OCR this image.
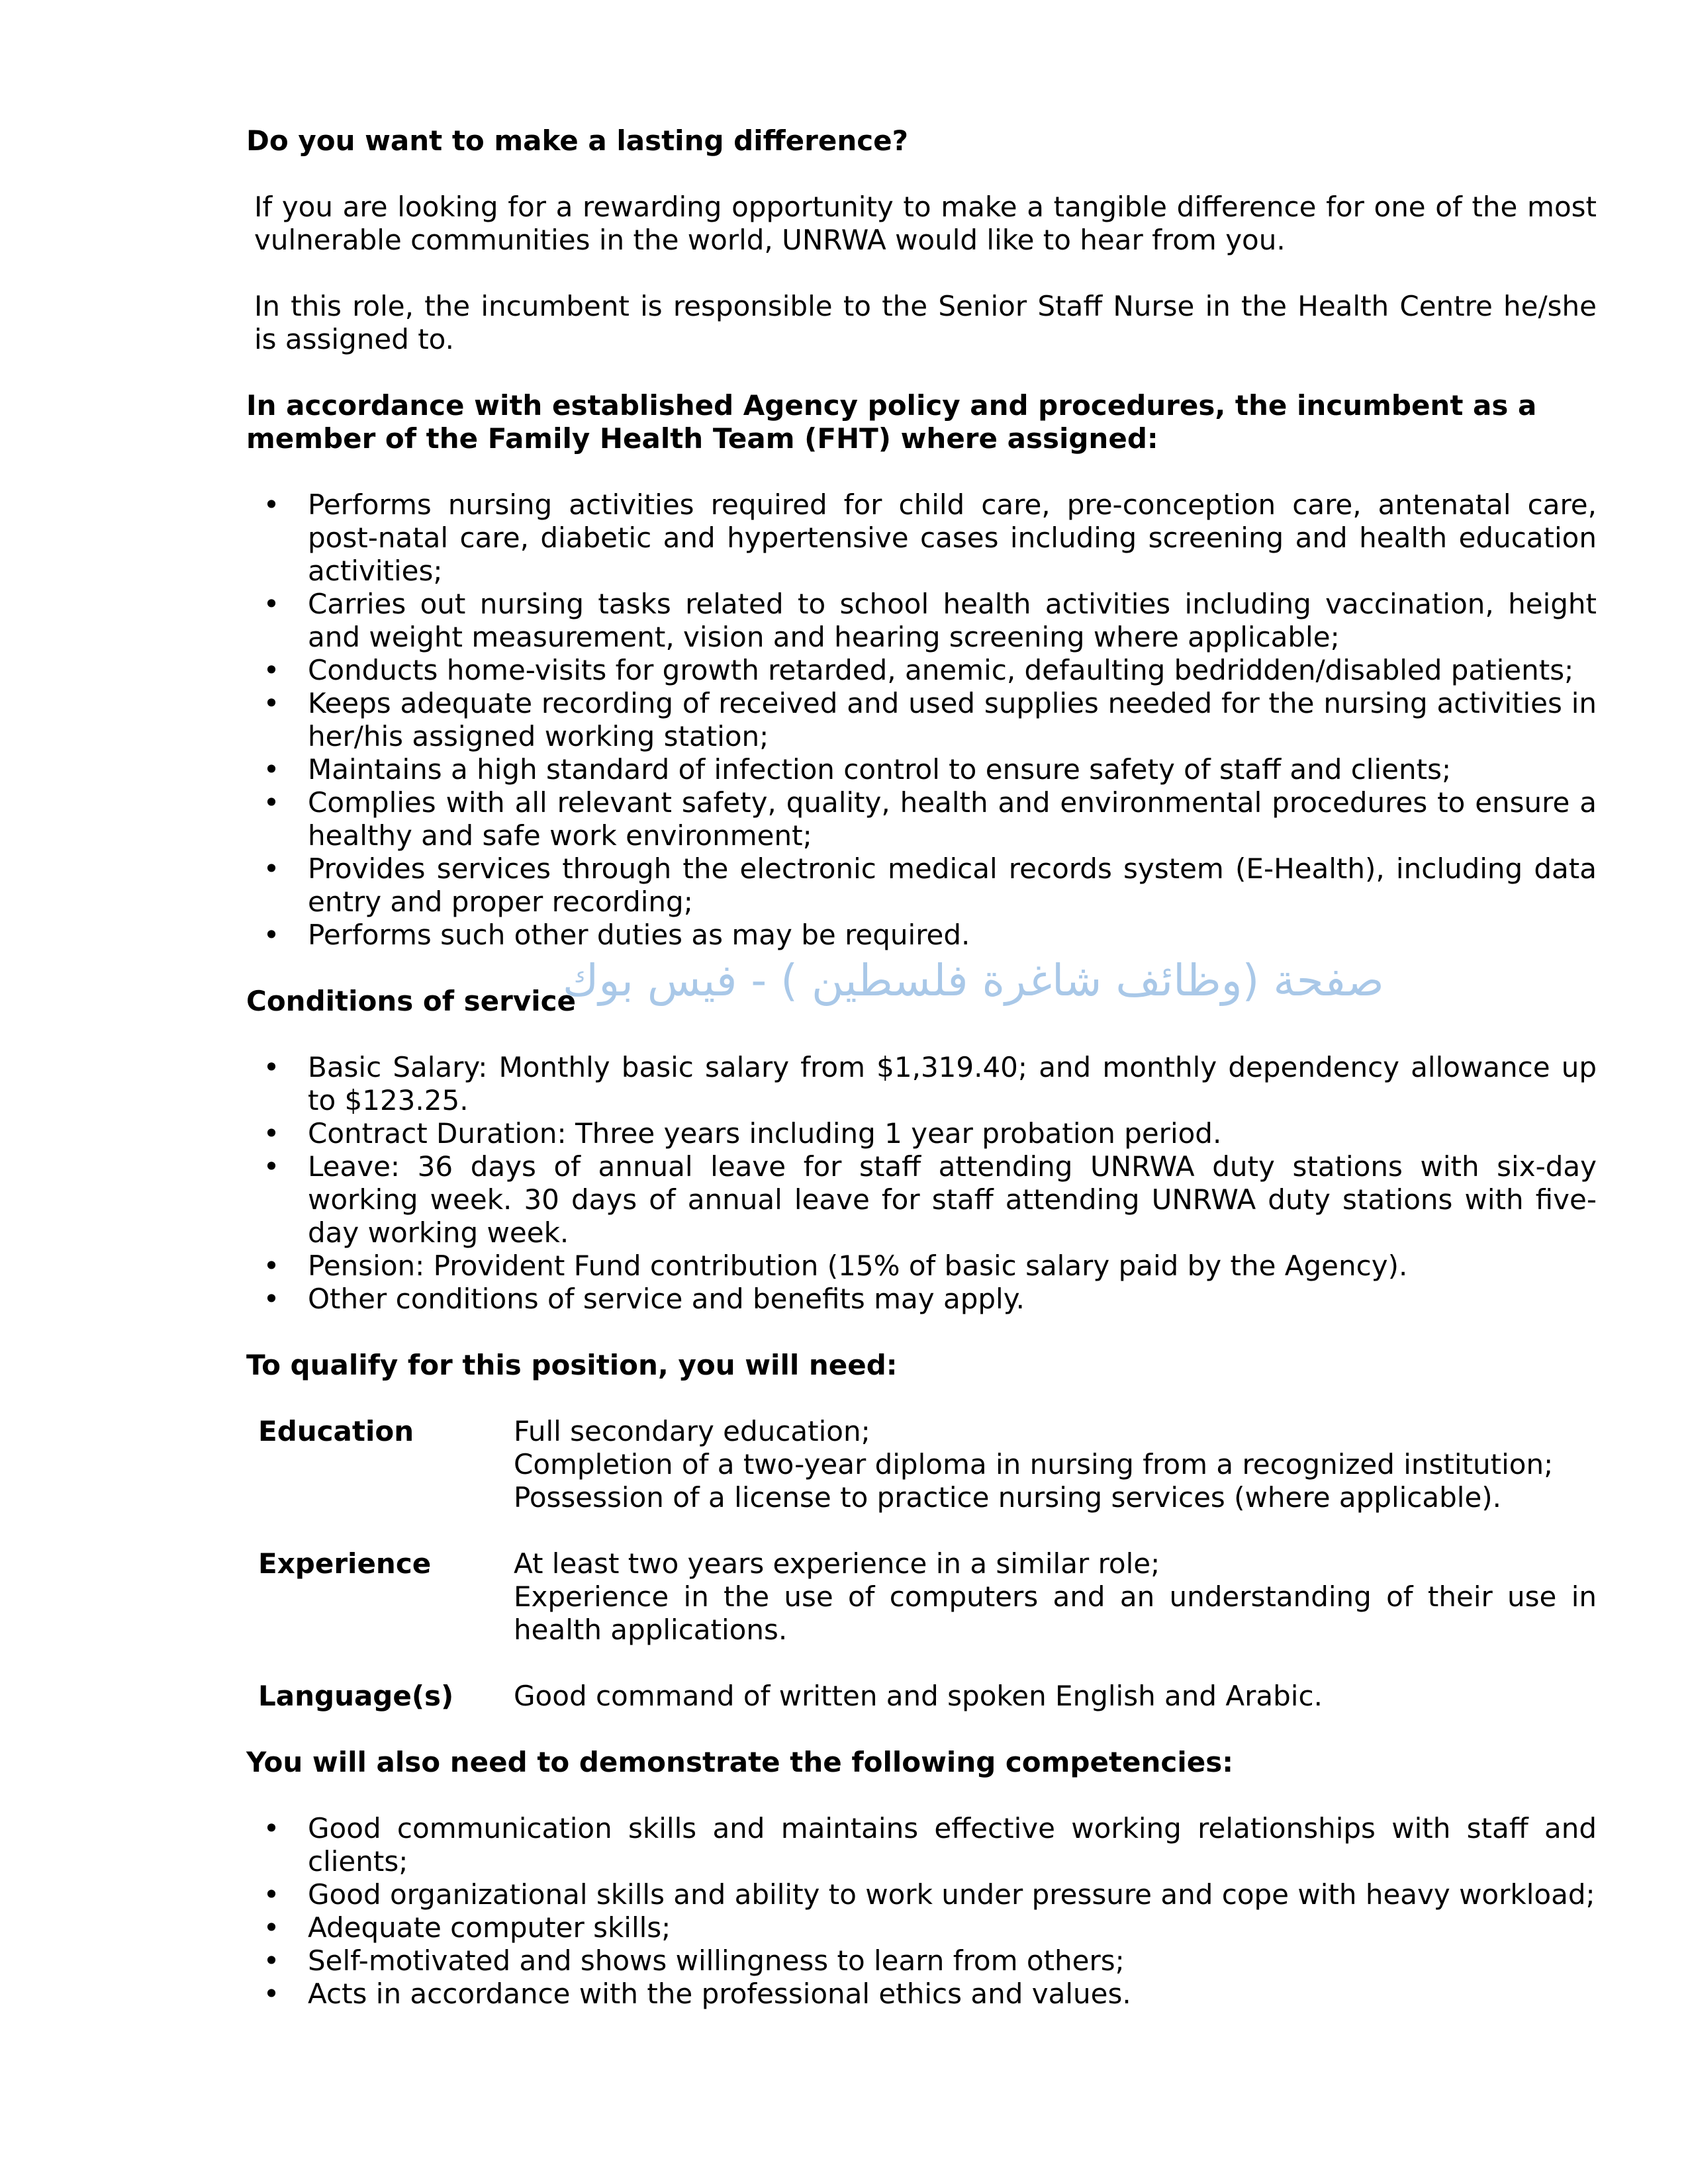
Do you want to make a lasting difference?
If you are looking for a rewarding opportunity to make a tangible difference for one of the most vulnerable communities in the world, UNRWA would like to hear from you.
In this role, the incumbent is responsible to the Senior Staff Nurse in the Health Centre he/she is assigned to.
In accordance with established Agency policy and procedures, the incumbent as a member of the Family Health Team (FHT) where assigned:
• Performs nursing activities required for child care, pre-conception care, antenatal care, post-natal care, diabetic and hypertensive cases including screening and health education activities;
• Carries out nursing tasks related to school health activities including vaccination, height and weight measurement, vision and hearing screening where applicable;
• Conducts home-visits for growth retarded, anemic, defaulting bedridden/disabled patients;
• Keeps adequate recording of received and used supplies needed for the nursing activities in her/his assigned working station;
• Maintains a high standard of infection control to ensure safety of staff and clients;
• Complies with all relevant safety, quality, health and environmental procedures to ensure a healthy and safe work environment;
• Provides services through the electronic medical records system (E-Health), including data entry and proper recording;
• Performs such other duties as may be required.
Conditions of service
صفحة (وظائف شاغرة فلسطين ) - فيس بوك
• Basic Salary: Monthly basic salary from $1,319.40; and monthly dependency allowance up to $123.25.
• Contract Duration: Three years including 1 year probation period.
• Leave: 36 days of annual leave for staff attending UNRWA duty stations with six-day working week. 30 days of annual leave for staff attending UNRWA duty stations with five-day working week.
• Pension: Provident Fund contribution (15% of basic salary paid by the Agency).
• Other conditions of service and benefits may apply.
To qualify for this position, you will need:
Education	Full secondary education;
Completion of a two-year diploma in nursing from a recognized institution;
Possession of a license to practice nursing services (where applicable).
Experience	At least two years experience in a similar role;
Experience in the use of computers and an understanding of their use in health applications.
Language(s)	Good command of written and spoken English and Arabic.
You will also need to demonstrate the following competencies:
• Good communication skills and maintains effective working relationships with staff and clients;
• Good organizational skills and ability to work under pressure and cope with heavy workload;
• Adequate computer skills;
• Self-motivated and shows willingness to learn from others;
• Acts in accordance with the professional ethics and values.
